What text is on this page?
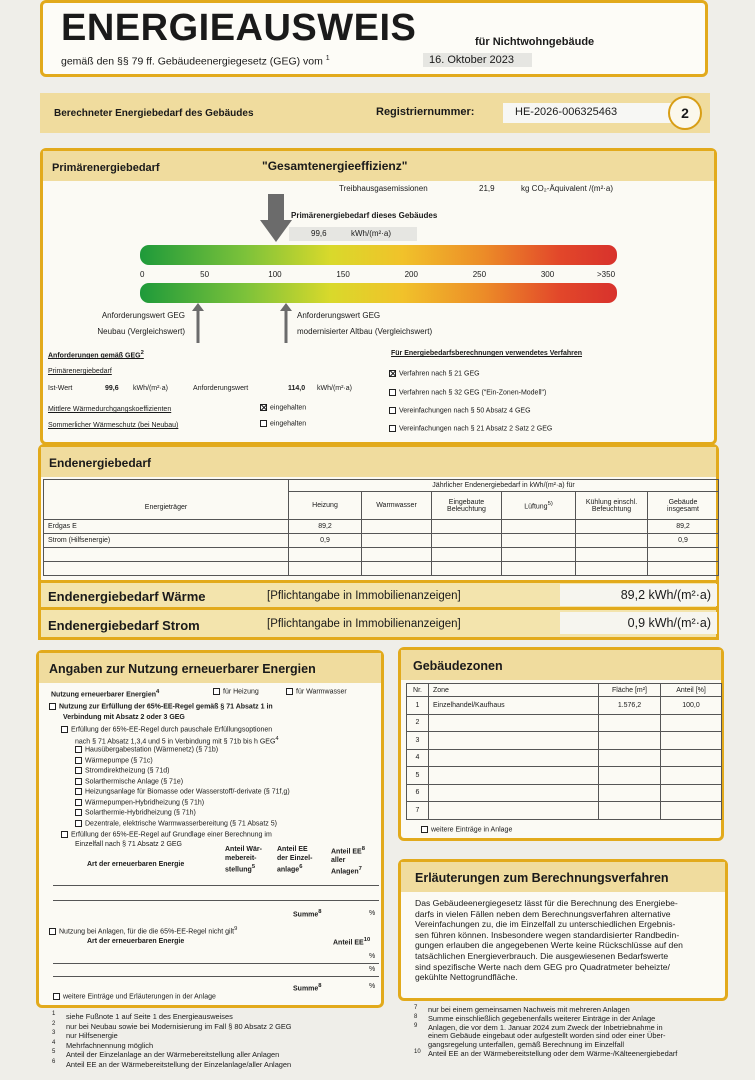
ENERGIEAUSWEIS	für Nichtwohngebäude
gemäß den §§ 79 ff. Gebäudeenergiegesetz (GEG) vom $^1$	16. Oktober 2023
Berechneter Energiebedarf des Gebäudes	Registriernummer:	HE-2026-006325463	2
Primärenergiebedarf	"Gesamtenergieeffizienz"
Treibhausgasemissionen	21,9	kg CO₂-Äquivalent /(m²·a)
Primärenergiebedarf dieses Gebäudes
99,6	kWh/(m²·a)
0	50	100	150	200	250	300	>350
Anforderungswert GEG
Neubau (Vergleichswert)
Anforderungswert GEG
modernisierter Altbau (Vergleichswert)
Anforderungen gemäß GEG$^2$
Primärenergiebedarf
Ist-Wert	99,6 kWh/(m²·a)	Anforderungswert	114,0 kWh/(m²·a)
Mittlere Wärmedurchgangskoeffizienten	eingehalten
Sommerlicher Wärmeschutz (bei Neubau)	eingehalten
Für Energiebedarfsberechnungen verwendetes Verfahren
Verfahren nach § 21 GEG
Verfahren nach § 32 GEG ("Ein-Zonen-Modell")
Vereinfachungen nach § 50 Absatz 4 GEG
Vereinfachungen nach § 21 Absatz 2 Satz 2 GEG
Endenergiebedarf
Energieträger	Jährlicher Endenergiebedarf in kWh/(m²·a) für					
	Heizung	Warmwasser	Eingebaute
Beleuchtung	Lüftung$^{5)}$	Kühlung einschl.
Befeuchtung	Gebäude
insgesamt
Erdgas E	89,2					89,2
Strom (Hilfsenergie)	0,9					0,9

Endenergiebedarf Wärme	[Pflichtangabe in Immobilienanzeigen]	89,2 kWh/(m²·a)
Endenergiebedarf Strom	[Pflichtangabe in Immobilienanzeigen]	0,9 kWh/(m²·a)
Angaben zur Nutzung erneuerbarer Energien
Nutzung erneuerbarer Energien$^4$	für Heizung	für Warmwasser
Nutzung zur Erfüllung der 65%-EE-Regel gemäß § 71 Absatz 1 in
Verbindung mit Absatz 2 oder 3 GEG
Erfüllung der 65%-EE-Regel durch pauschale Erfüllungsoptionen
nach § 71 Absatz 1,3,4 und 5 in Verbindung mit § 71b bis h GEG$^4$
Hausübergabestation (Wärmenetz) (§ 71b)
Wärmepumpe (§ 71c)
Stromdirektheizung (§ 71d)
Solarthermische Anlage (§ 71e)
Heizungsanlage für Biomasse oder Wasserstoff/-derivate (§ 71f,g)
Wärmepumpen-Hybridheizung (§ 71h)
Solarthermie-Hybridheizung (§ 71h)
Dezentrale, elektrische Warmwasserbereitung (§ 71 Absatz 5)
Erfüllung der 65%-EE-Regel auf Grundlage einer Berechnung im
Einzelfall nach § 71 Absatz 2 GEG
Art der erneuerbaren Energie
Anteil Wär-
mebereit-
stellung$^5$
Anteil EE
der Einzel-
anlage$^6$
Anteil $EE^8$
aller
Anlagen$^7$
Summe$^8$	%
Nutzung bei Anlagen, für die die 65%-EE-Regel nicht gilt$^9$
Art der erneuerbaren Energie	Anteil EE$^{10}$
%
%
Summe$^8$	%
weitere Einträge und Erläuterungen in der Anlage
Gebäudezonen
Nr.	Zone	Fläche [m²]	Anteil [%]
1	Einzelhandel/Kaufhaus	1.576,2	100,0
2			
3			
4			
5			
6			
7			
weitere Einträge in Anlage
Erläuterungen zum Berechnungsverfahren
Das Gebäudeenergiegesetz lässt für die Berechnung des Energiebe-
darfs in vielen Fällen neben dem Berechnungsverfahren alternative
Vereinfachungen zu, die im Einzelfall zu unterschiedlichen Ergebnis-
sen führen können. Insbesondere wegen standardisierter Randbedin-
gungen erlauben die angegebenen Werte keine Rückschlüsse auf den
tatsächlichen Energieverbrauch. Die ausgewiesenen Bedarfswerte
sind spezifische Werte nach dem GEG pro Quadratmeter beheizte/
gekühlte Nettogrundfläche.
1 siehe Fußnote 1 auf Seite 1 des Energieausweises
2 nur bei Neubau sowie bei Modernisierung im Fall § 80 Absatz 2 GEG
3 nur Hilfsenergie
4 Mehrfachnennung möglich
5 Anteil der Einzelanlage an der Wärmebereitstellung aller Anlagen
6 Anteil EE an der Wärmebereitstellung der Einzelanlage/aller Anlagen
7 nur bei einem gemeinsamen Nachweis mit mehreren Anlagen
8 Summe einschließlich gegebenenfalls weiterer Einträge in der Anlage
9 Anlagen, die vor dem 1. Januar 2024 zum Zweck der Inbetriebnahme in
einem Gebäude eingebaut oder aufgestellt worden sind oder einer Über-
gangsregelung unterfallen, gemäß Berechnung im Einzelfall
10 Anteil EE an der Wärmebereitstellung oder dem Wärme-/Kälteenergiebedarf
